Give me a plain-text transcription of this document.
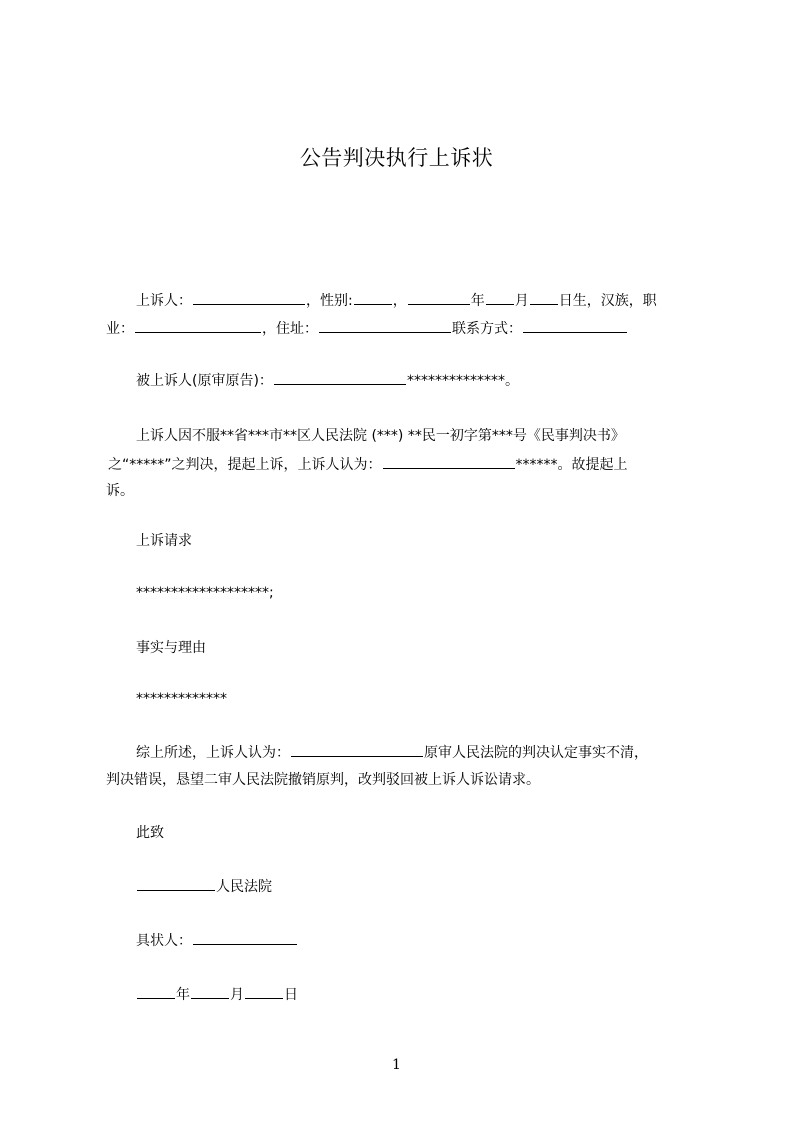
公告判决执行上诉状
上诉人：	，性别:	，	年 月 日生，汉族，职
业：	，住址：	联系方式：
被上诉人(原审原告)：	**************。
上诉人因不服**省***市**区人民法院 (***) **民一初字第***号《民事判决书》
之“*****”之判决，提起上诉，上诉人认为：	******。故提起上
诉。
上诉请求
*******************;
事实与理由
*************
综上所述，上诉人认为：	原审人民法院的判决认定事实不清，
判决错误，恳望二审人民法院撤销原判，改判驳回被上诉人诉讼请求。
此致
人民法院
具状人：
年	月	日
1
